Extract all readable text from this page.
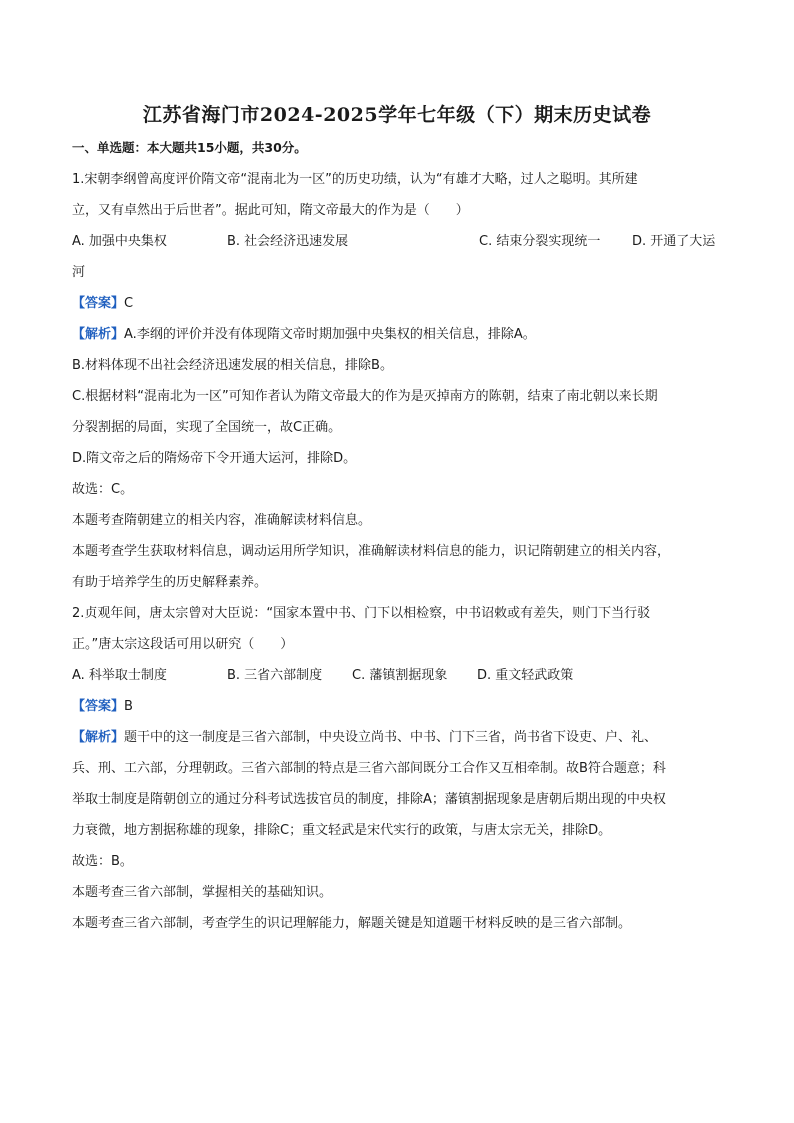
江苏省海门市2024-2025学年七年级（下）期末历史试卷
一、单选题：本大题共15小题，共30分。
1.宋朝李纲曾高度评价隋文帝“混南北为一区”的历史功绩，认为“有雄才大略，过人之聪明。其所建
立，又有卓然出于后世者”。据此可知，隋文帝最大的作为是（　　）
A. 加强中央集权	B. 社会经济迅速发展	C. 结束分裂实现统一 D. 开通了大运
河
【答案】C
【解析】A.李纲的评价并没有体现隋文帝时期加强中央集权的相关信息，排除A。
B.材料体现不出社会经济迅速发展的相关信息，排除B。
C.根据材料“混南北为一区”可知作者认为隋文帝最大的作为是灭掉南方的陈朝，结束了南北朝以来长期
分裂割据的局面，实现了全国统一，故C正确。
D.隋文帝之后的隋炀帝下令开通大运河，排除D。
故选：C。
本题考查隋朝建立的相关内容，准确解读材料信息。
本题考查学生获取材料信息，调动运用所学知识，准确解读材料信息的能力，识记隋朝建立的相关内容，
有助于培养学生的历史解释素养。
2.贞观年间，唐太宗曾对大臣说：“国家本置中书、门下以相检察，中书诏敕或有差失，则门下当行驳
正。”唐太宗这段话可用以研究（　　）
A. 科举取士制度	B. 三省六部制度 C. 藩镇割据现象 D. 重文轻武政策
【答案】B
【解析】题干中的这一制度是三省六部制，中央设立尚书、中书、门下三省，尚书省下设吏、户、礼、
兵、刑、工六部，分理朝政。三省六部制的特点是三省六部间既分工合作又互相牵制。故B符合题意；科
举取士制度是隋朝创立的通过分科考试选拔官员的制度，排除A；藩镇割据现象是唐朝后期出现的中央权
力衰微，地方割据称雄的现象，排除C；重文轻武是宋代实行的政策，与唐太宗无关，排除D。
故选：B。
本题考查三省六部制，掌握相关的基础知识。
本题考查三省六部制，考查学生的识记理解能力，解题关键是知道题干材料反映的是三省六部制。
